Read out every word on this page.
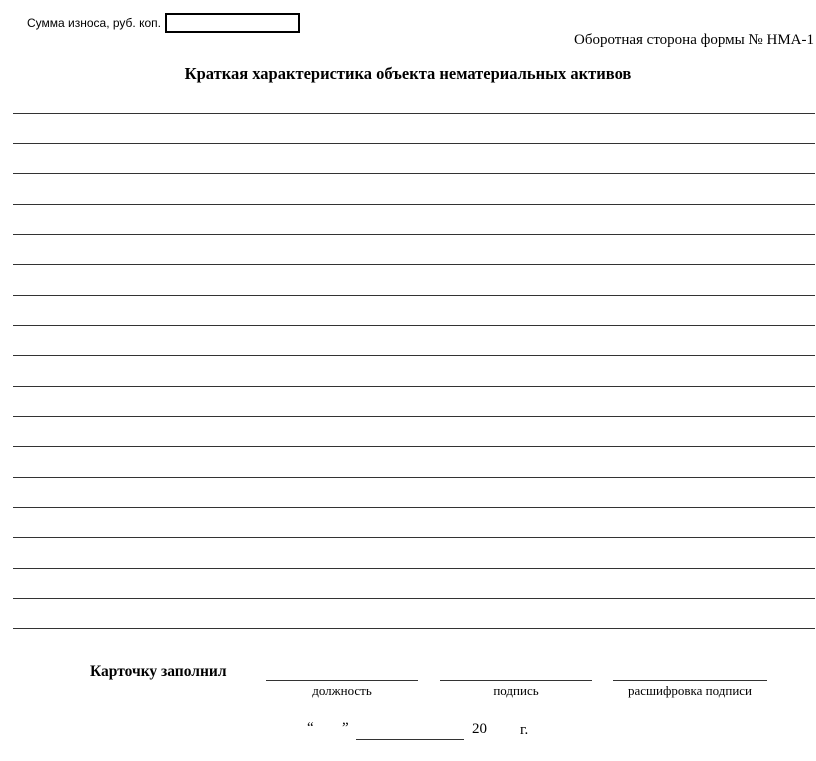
Сумма износа, руб. коп.
Оборотная сторона формы № НМА-1
Краткая характеристика объекта нематериальных активов
Карточку заполнил
должность	подпись	расшифровка подписи
“ ”	20 г.
